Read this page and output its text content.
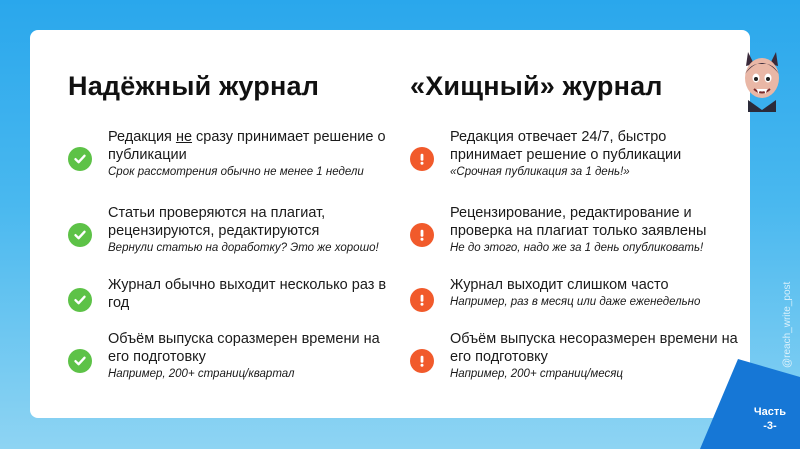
Надёжный журнал
Редакция не сразу принимает решение о публикации
Срок рассмотрения обычно не менее 1 недели
Статьи проверяются на плагиат, рецензируются, редактируются
Вернули статью на доработку? Это же хорошо!
Журнал обычно выходит несколько раз в год
Объём выпуска соразмерен времени на его подготовку
Например, 200+ страниц/квартал
«Хищный» журнал
Редакция отвечает 24/7, быстро принимает решение о публикации
«Срочная публикация за 1 день!»
Рецензирование, редактирование и проверка на плагиат только заявлены
Не до этого, надо же за 1 день опубликовать!
Журнал выходит слишком часто
Например, раз в месяц или даже еженедельно
Объём выпуска несоразмерен времени на его подготовку
Например, 200+ страниц/месяц
@reach_write_post
Часть
-3-
